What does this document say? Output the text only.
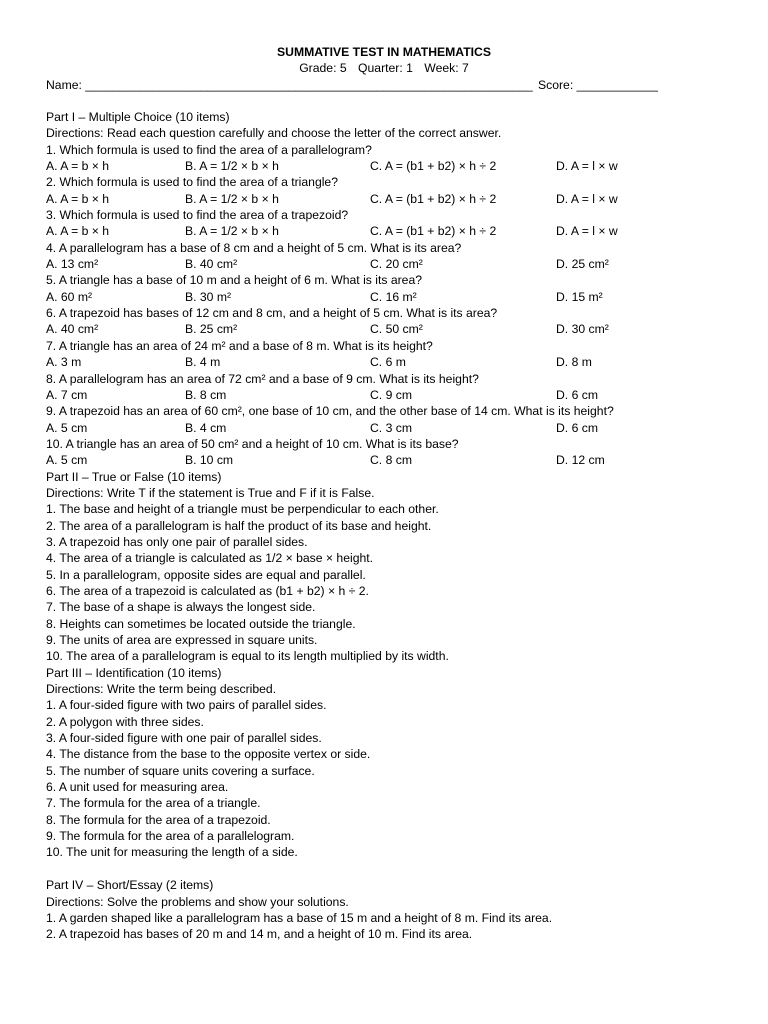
SUMMATIVE TEST IN MATHEMATICS
Grade: 5 Quarter: 1 Week: 7
Name: __________________________________________________________________ Score: ____________
Part I – Multiple Choice (10 items)
Directions: Read each question carefully and choose the letter of the correct answer.
1. Which formula is used to find the area of a parallelogram?
A. A = b × h	B. A = 1/2 × b × h	C. A = (b1 + b2) × h ÷ 2	D. A = l × w
2. Which formula is used to find the area of a triangle?
A. A = b × h	B. A = 1/2 × b × h	C. A = (b1 + b2) × h ÷ 2	D. A = l × w
3. Which formula is used to find the area of a trapezoid?
A. A = b × h	B. A = 1/2 × b × h	C. A = (b1 + b2) × h ÷ 2	D. A = l × w
4. A parallelogram has a base of 8 cm and a height of 5 cm. What is its area?
A. 13 cm²	B. 40 cm²	C. 20 cm²	D. 25 cm²
5. A triangle has a base of 10 m and a height of 6 m. What is its area?
A. 60 m²	B. 30 m²	C. 16 m²	D. 15 m²
6. A trapezoid has bases of 12 cm and 8 cm, and a height of 5 cm. What is its area?
A. 40 cm²	B. 25 cm²	C. 50 cm²	D. 30 cm²
7. A triangle has an area of 24 m² and a base of 8 m. What is its height?
A. 3 m	B. 4 m	C. 6 m	D. 8 m
8. A parallelogram has an area of 72 cm² and a base of 9 cm. What is its height?
A. 7 cm	B. 8 cm	C. 9 cm	D. 6 cm
9. A trapezoid has an area of 60 cm², one base of 10 cm, and the other base of 14 cm. What is its height?
A. 5 cm	B. 4 cm	C. 3 cm	D. 6 cm
10. A triangle has an area of 50 cm² and a height of 10 cm. What is its base?
A. 5 cm	B. 10 cm	C. 8 cm	D. 12 cm
Part II – True or False (10 items)
Directions: Write T if the statement is True and F if it is False.
1. The base and height of a triangle must be perpendicular to each other.
2. The area of a parallelogram is half the product of its base and height.
3. A trapezoid has only one pair of parallel sides.
4. The area of a triangle is calculated as 1/2 × base × height.
5. In a parallelogram, opposite sides are equal and parallel.
6. The area of a trapezoid is calculated as (b1 + b2) × h ÷ 2.
7. The base of a shape is always the longest side.
8. Heights can sometimes be located outside the triangle.
9. The units of area are expressed in square units.
10. The area of a parallelogram is equal to its length multiplied by its width.
Part III – Identification (10 items)
Directions: Write the term being described.
1. A four-sided figure with two pairs of parallel sides.
2. A polygon with three sides.
3. A four-sided figure with one pair of parallel sides.
4. The distance from the base to the opposite vertex or side.
5. The number of square units covering a surface.
6. A unit used for measuring area.
7. The formula for the area of a triangle.
8. The formula for the area of a trapezoid.
9. The formula for the area of a parallelogram.
10. The unit for measuring the length of a side.
Part IV – Short/Essay (2 items)
Directions: Solve the problems and show your solutions.
1. A garden shaped like a parallelogram has a base of 15 m and a height of 8 m. Find its area.
2. A trapezoid has bases of 20 m and 14 m, and a height of 10 m. Find its area.
